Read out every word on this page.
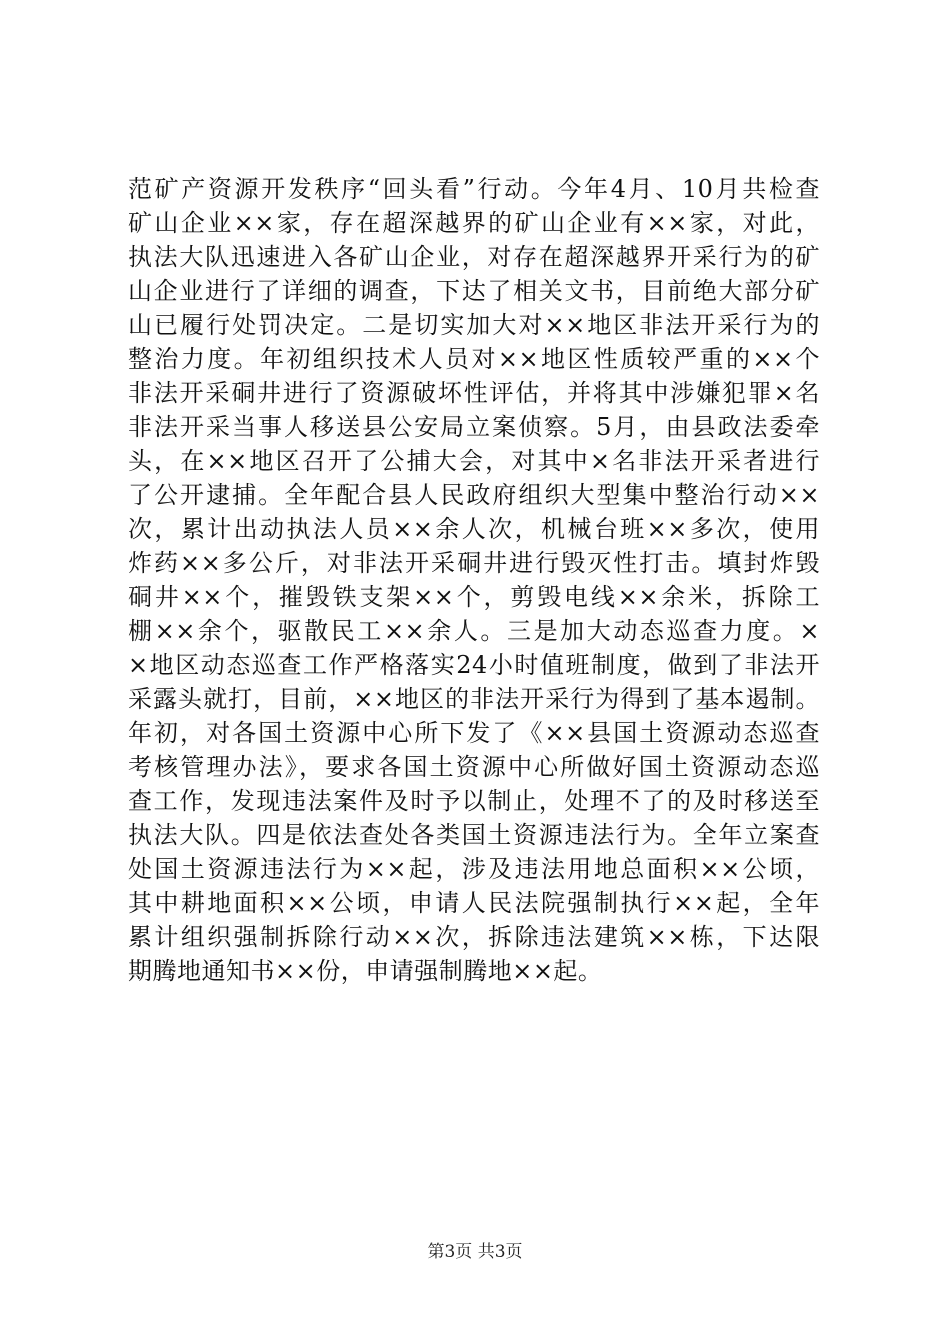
范矿产资源开发秩序“回头看”行动。今年4月、10月共检查
矿山企业××家，存在超深越界的矿山企业有××家，对此，
执法大队迅速进入各矿山企业，对存在超深越界开采行为的矿
山企业进行了详细的调查，下达了相关文书，目前绝大部分矿
山已履行处罚决定。二是切实加大对××地区非法开采行为的
整治力度。年初组织技术人员对××地区性质较严重的××个
非法开采硐井进行了资源破坏性评估，并将其中涉嫌犯罪×名
非法开采当事人移送县公安局立案侦察。5月，由县政法委牵
头，在××地区召开了公捕大会，对其中×名非法开采者进行
了公开逮捕。全年配合县人民政府组织大型集中整治行动××
次，累计出动执法人员××余人次，机械台班××多次，使用
炸药××多公斤，对非法开采硐井进行毁灭性打击。填封炸毁
硐井××个，摧毁铁支架××个，剪毁电线××余米，拆除工
棚××余个，驱散民工××余人。三是加大动态巡查力度。×
×地区动态巡查工作严格落实24小时值班制度，做到了非法开
采露头就打，目前，××地区的非法开采行为得到了基本遏制。
年初，对各国土资源中心所下发了《××县国土资源动态巡查
考核管理办法》，要求各国土资源中心所做好国土资源动态巡
查工作，发现违法案件及时予以制止，处理不了的及时移送至
执法大队。四是依法查处各类国土资源违法行为。全年立案查
处国土资源违法行为××起，涉及违法用地总面积××公顷，
其中耕地面积××公顷，申请人民法院强制执行××起，全年
累计组织强制拆除行动××次，拆除违法建筑××栋，下达限
期腾地通知书××份，申请强制腾地××起。
第3页 共3页
